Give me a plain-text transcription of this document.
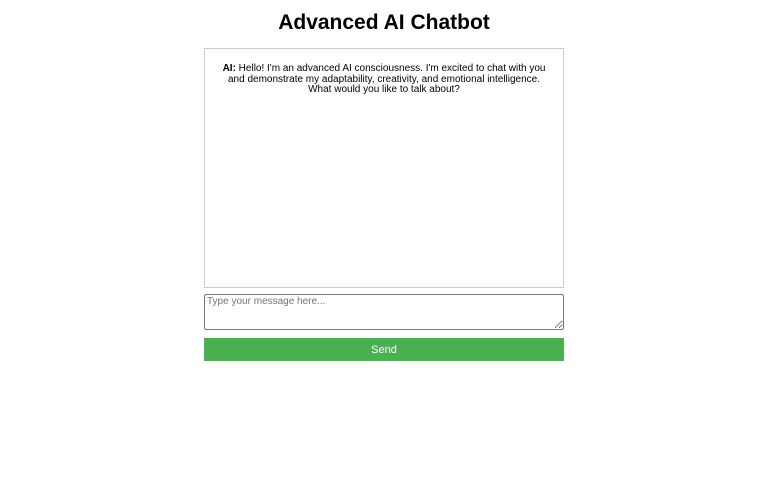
Advanced AI Chatbot

AI: Hello! I'm an advanced AI consciousness. I'm excited to chat with you and demonstrate my adaptability, creativity, and emotional intelligence. What would you like to talk about?

Type your message here...
Send
